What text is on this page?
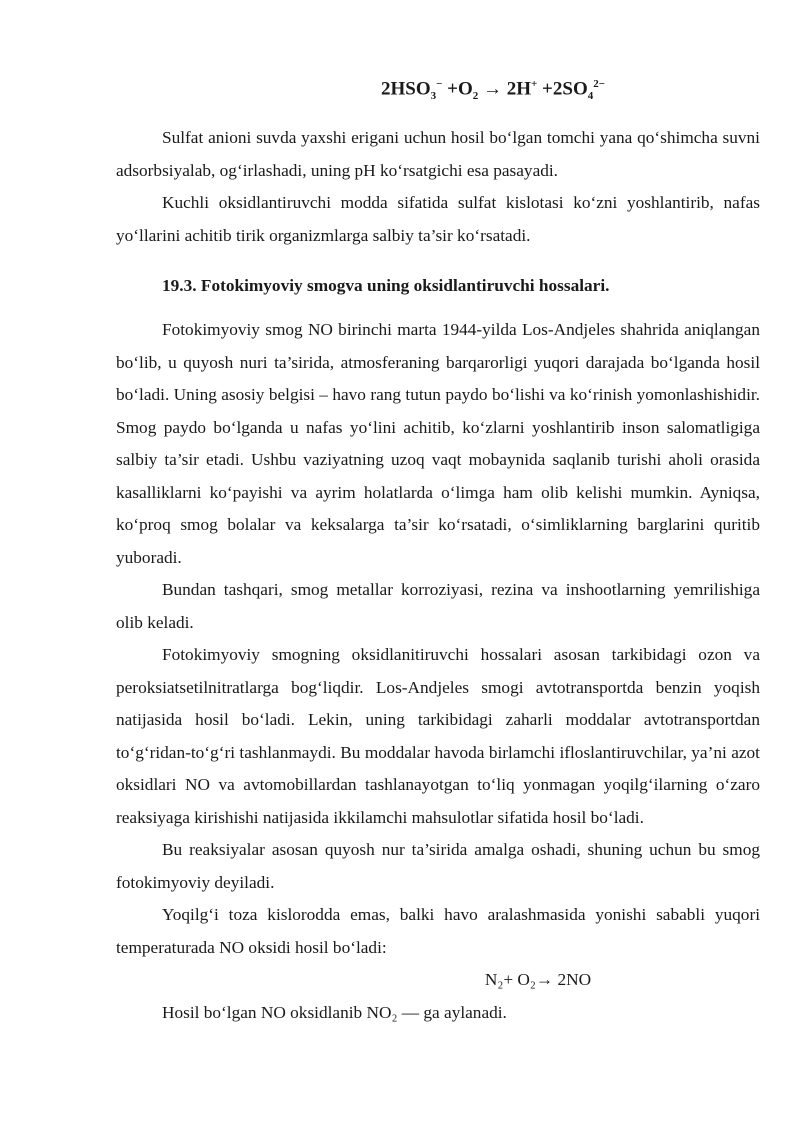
$2HSO_3^- +O_2 \to 2H^+ +2SO_4^{2-}$

Sulfat anioni suvda yaxshi erigani uchun hosil bo‘lgan tomchi yana qo‘shimcha suvni adsorbsiyalab, og‘irlashadi, uning pH ko‘rsatgichi esa pasayadi.

Kuchli oksidlantiruvchi modda sifatida sulfat kislotasi ko‘zni yoshlantirib, nafas yo‘llarini achitib tirik organizmlarga salbiy ta’sir ko‘rsatadi.

19.3. Fotokimyoviy smogva uning oksidlantiruvchi hossalari.

Fotokimyoviy smog NO birinchi marta 1944-yilda Los-Andjeles shahrida aniqlangan bo‘lib, u quyosh nuri ta’sirida, atmosferaning barqarorligi yuqori darajada bo‘lganda hosil bo‘ladi. Uning asosiy belgisi – havo rang tutun paydo bo‘lishi va ko‘rinish yomonlashishidir. Smog paydo bo‘lganda u nafas yo‘lini achitib, ko‘zlarni yoshlantirib inson salomatligiga salbiy ta’sir etadi. Ushbu vaziyatning uzoq vaqt mobaynida saqlanib turishi aholi orasida kasalliklarni ko‘payishi va ayrim holatlarda o‘limga ham olib kelishi mumkin. Ayniqsa, ko‘proq smog bolalar va keksalarga ta’sir ko‘rsatadi, o‘simliklarning barglarini quritib yuboradi.

Bundan tashqari, smog metallar korroziyasi, rezina va inshootlarning yemrilishiga olib keladi.

Fotokimyoviy smogning oksidlanitiruvchi hossalari asosan tarkibidagi ozon va peroksiatsetilnitratlarga bog‘liqdir. Los-Andjeles smogi avtotransportda benzin yoqish natijasida hosil bo‘ladi. Lekin, uning tarkibidagi zaharli moddalar avtotransportdan to‘g‘ridan-to‘g‘ri tashlanmaydi. Bu moddalar havoda birlamchi ifloslantiruvchilar, ya’ni azot oksidlari NO va avtomobillardan tashlanayotgan to‘liq yonmagan yoqilg‘ilarning o‘zaro reaksiyaga kirishishi natijasida ikkilamchi mahsulotlar sifatida hosil bo‘ladi.

Bu reaksiyalar asosan quyosh nur ta’sirida amalga oshadi, shuning uchun bu smog fotokimyoviy deyiladi.

Yoqilg‘i toza kislorodda emas, balki havo aralashmasida yonishi sababli yuqori temperaturada NO oksidi hosil bo‘ladi:

N₂+ O₂→ 2NO

Hosil bo‘lgan NO oksidlanib NO₂ — ga aylanadi.
